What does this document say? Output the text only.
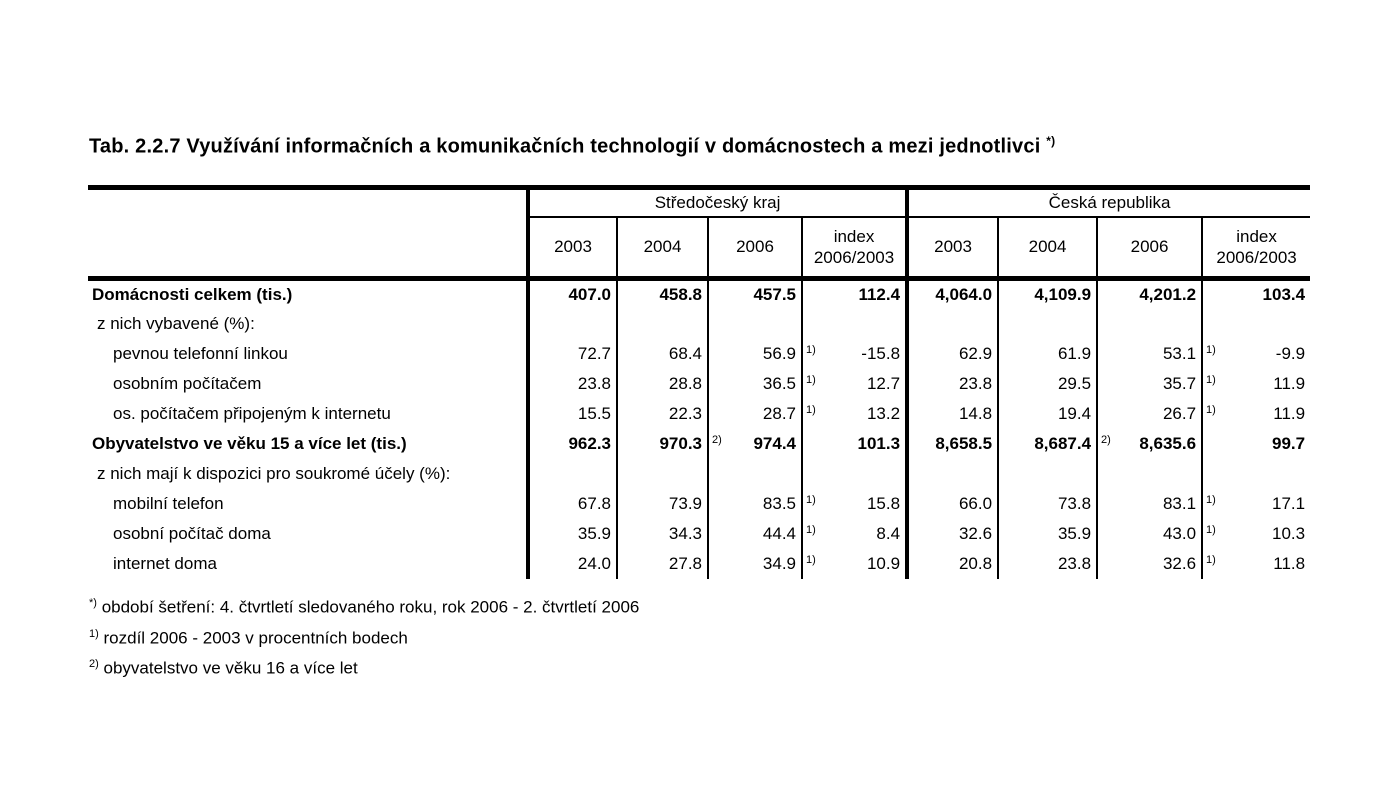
Tab. 2.2.7 Využívání informačních a komunikačních technologií v domácnostech a mezi jednotlivci *)
	Středočeský kraj				Česká republika			
	2003	2004	2006	index 2006/2003	2003	2004	2006	index 2006/2003
Domácnosti celkem (tis.)	407.0	458.8	457.5	112.4	4,064.0	4,109.9	4,201.2	103.4

z nich vybavené (%):	

pevnou telefonní linkou	72.7	68.4	56.9	1) -15.8	62.9	61.9	53.1	1) -9.9

osobním počítačem	23.8	28.8	36.5	1) 12.7	23.8	29.5	35.7	1) 11.9

os. počítačem připojeným k internetu	15.5	22.3	28.7	1) 13.2	14.8	19.4	26.7	1) 11.9

Obyvatelstvo ve věku 15 a více let (tis.)	962.3	970.3	2) 974.4	101.3	8,658.5	8,687.4	2) 8,635.6	99.7

z nich mají k dispozici pro soukromé účely (%):	

mobilní telefon	67.8	73.9	83.5	1) 15.8	66.0	73.8	83.1	1) 17.1

osobní počítač doma	35.9	34.3	44.4	1) 8.4	32.6	35.9	43.0	1) 10.3

internet doma	24.0	27.8	34.9	1) 10.9	20.8	23.8	32.6	1) 11.8

*) období šetření: 4. čtvrtletí sledovaného roku, rok 2006 - 2. čtvrtletí 2006

$^{1)}$ rozdíl 2006 - 2003 v procentních bodech

$^{2)}$ obyvatelstvo ve věku 16 a více let
